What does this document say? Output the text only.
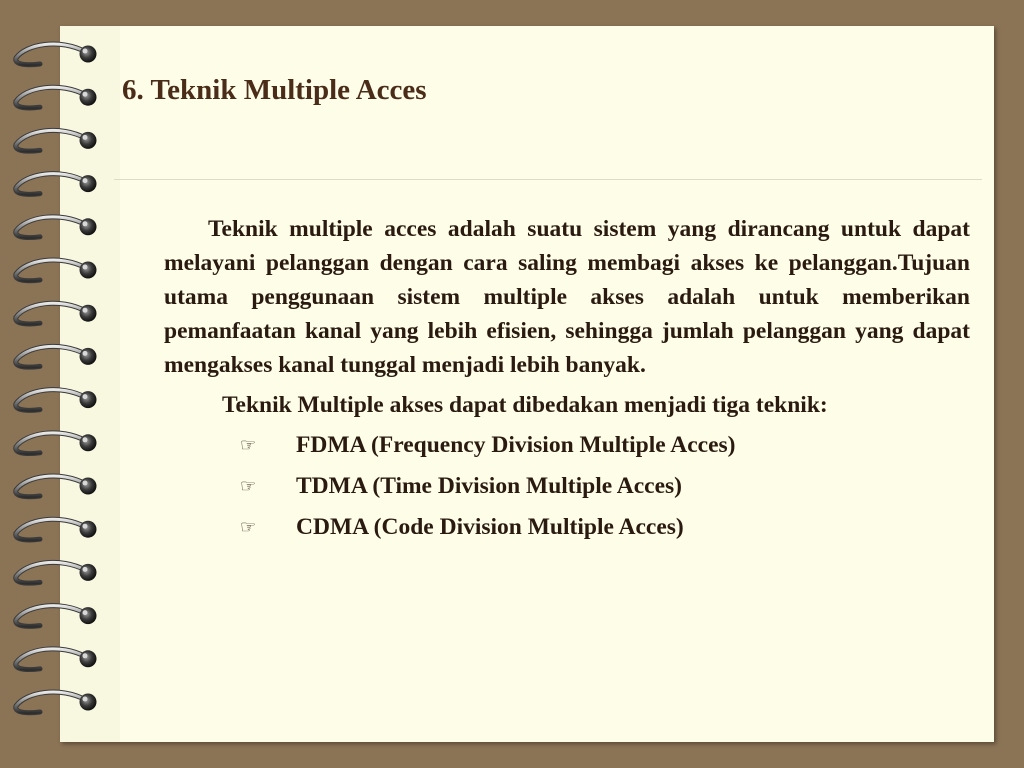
6. Teknik Multiple Acces

Teknik multiple acces adalah suatu sistem yang dirancang untuk dapat melayani pelanggan dengan cara saling membagi akses ke pelanggan.Tujuan utama penggunaan sistem multiple akses adalah untuk memberikan pemanfaatan kanal yang lebih efisien, sehingga jumlah pelanggan yang dapat mengakses kanal tunggal menjadi lebih banyak.

Teknik Multiple akses dapat dibedakan menjadi tiga teknik:

☞ FDMA (Frequency Division Multiple Acces)
☞ TDMA (Time Division Multiple Acces)
☞ CDMA (Code Division Multiple Acces)
